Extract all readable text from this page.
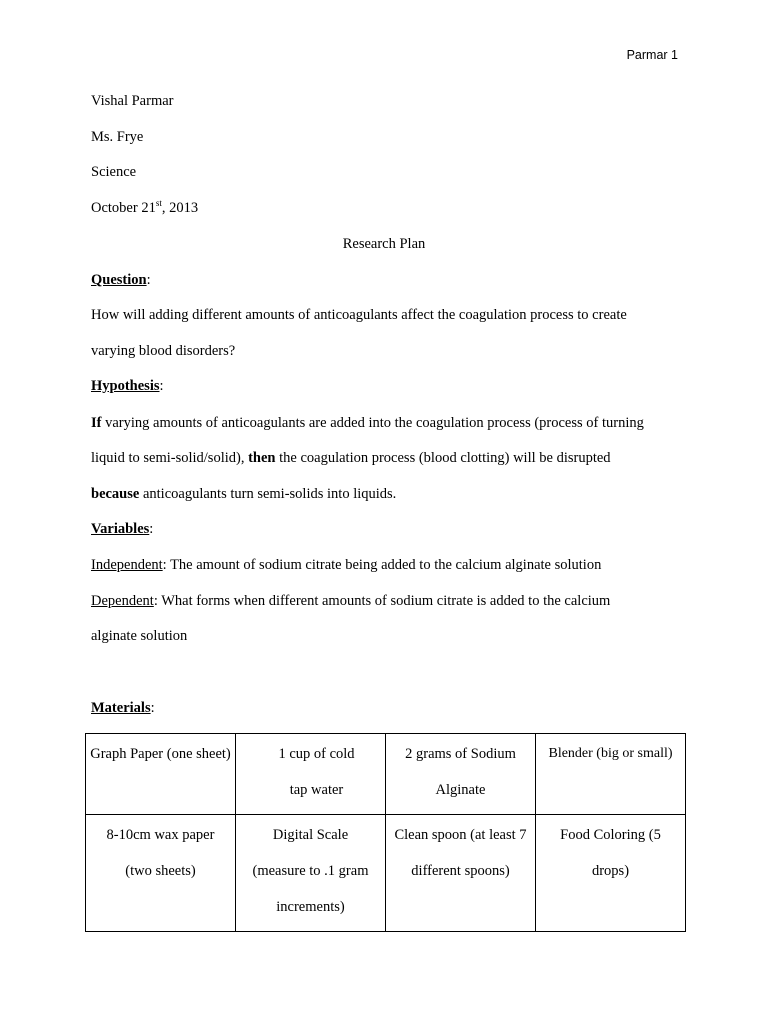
Parmar 1
Vishal Parmar
Ms. Frye
Science
October 21st, 2013
Research Plan
Question:
How will adding different amounts of anticoagulants affect the coagulation process to create
varying blood disorders?
Hypothesis:
If varying amounts of anticoagulants are added into the coagulation process (process of turning
liquid to semi-solid/solid), then the coagulation process (blood clotting) will be disrupted
because anticoagulants turn semi-solids into liquids.
Variables:
Independent: The amount of sodium citrate being added to the calcium alginate solution
Dependent: What forms when different amounts of sodium citrate is added to the calcium
alginate solution
Materials:
Graph Paper (one sheet)	1 cup of cold tap water	2 grams of Sodium Alginate	Blender (big or small)
8-10cm wax paper (two sheets)	Digital Scale (measure to .1 gram increments)	Clean spoon (at least 7 different spoons)	Food Coloring (5 drops)
